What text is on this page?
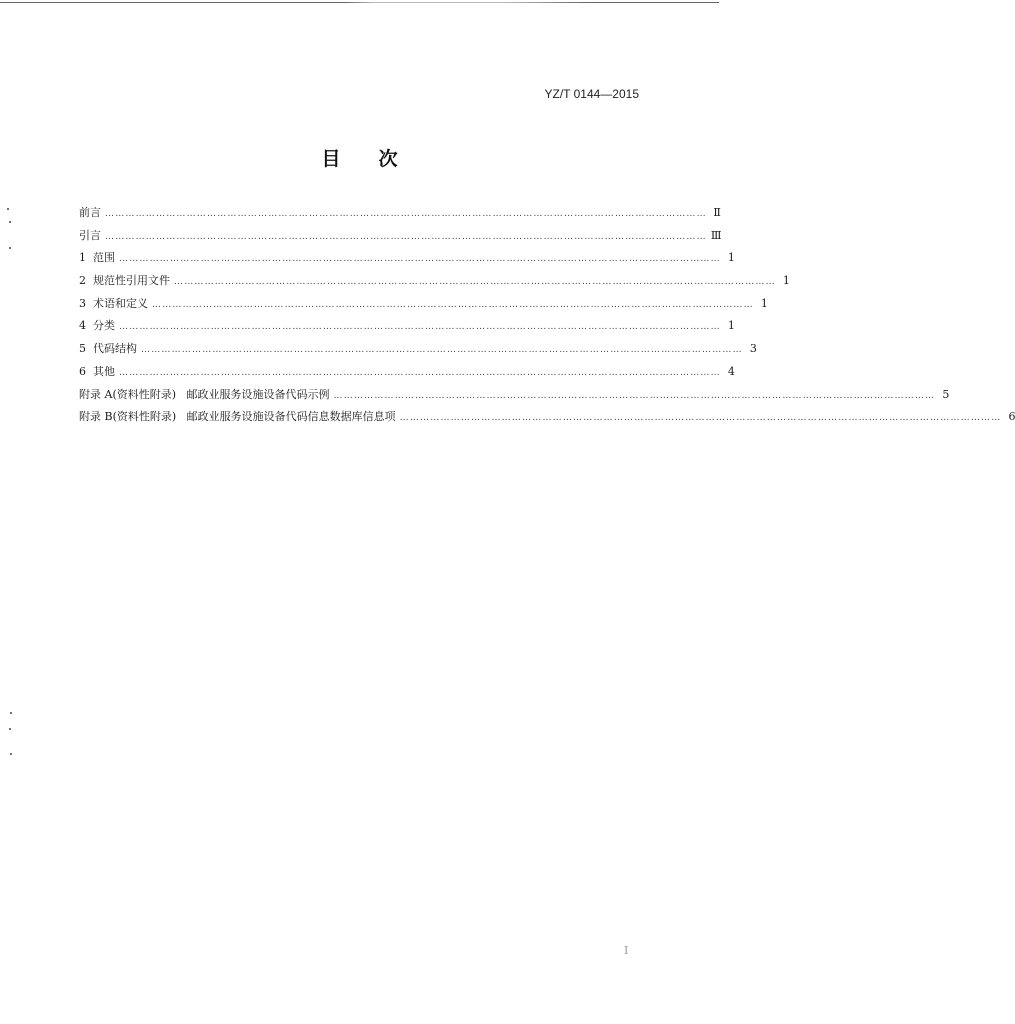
YZ/T 0144—2015
目　　次
前言 …………………………………………………………………………………………………………………………………………………………… Ⅱ
引言 …………………………………………………………………………………………………………………………………………………………… Ⅲ
1  范围 …………………………………………………………………………………………………………………………………………………………… 1
2  规范性引用文件 …………………………………………………………………………………………………………………………………………………………… 1
3  术语和定义 …………………………………………………………………………………………………………………………………………………………… 1
4  分类 …………………………………………………………………………………………………………………………………………………………… 1
5  代码结构 …………………………………………………………………………………………………………………………………………………………… 3
6  其他 …………………………………………………………………………………………………………………………………………………………… 4
附录 A(资料性附录)   邮政业服务设施设备代码示例 …………………………………………………………………………………………………………………………………………………………… 5
附录 B(资料性附录)   邮政业服务设施设备代码信息数据库信息项 …………………………………………………………………………………………………………………………………………………………… 6
I
